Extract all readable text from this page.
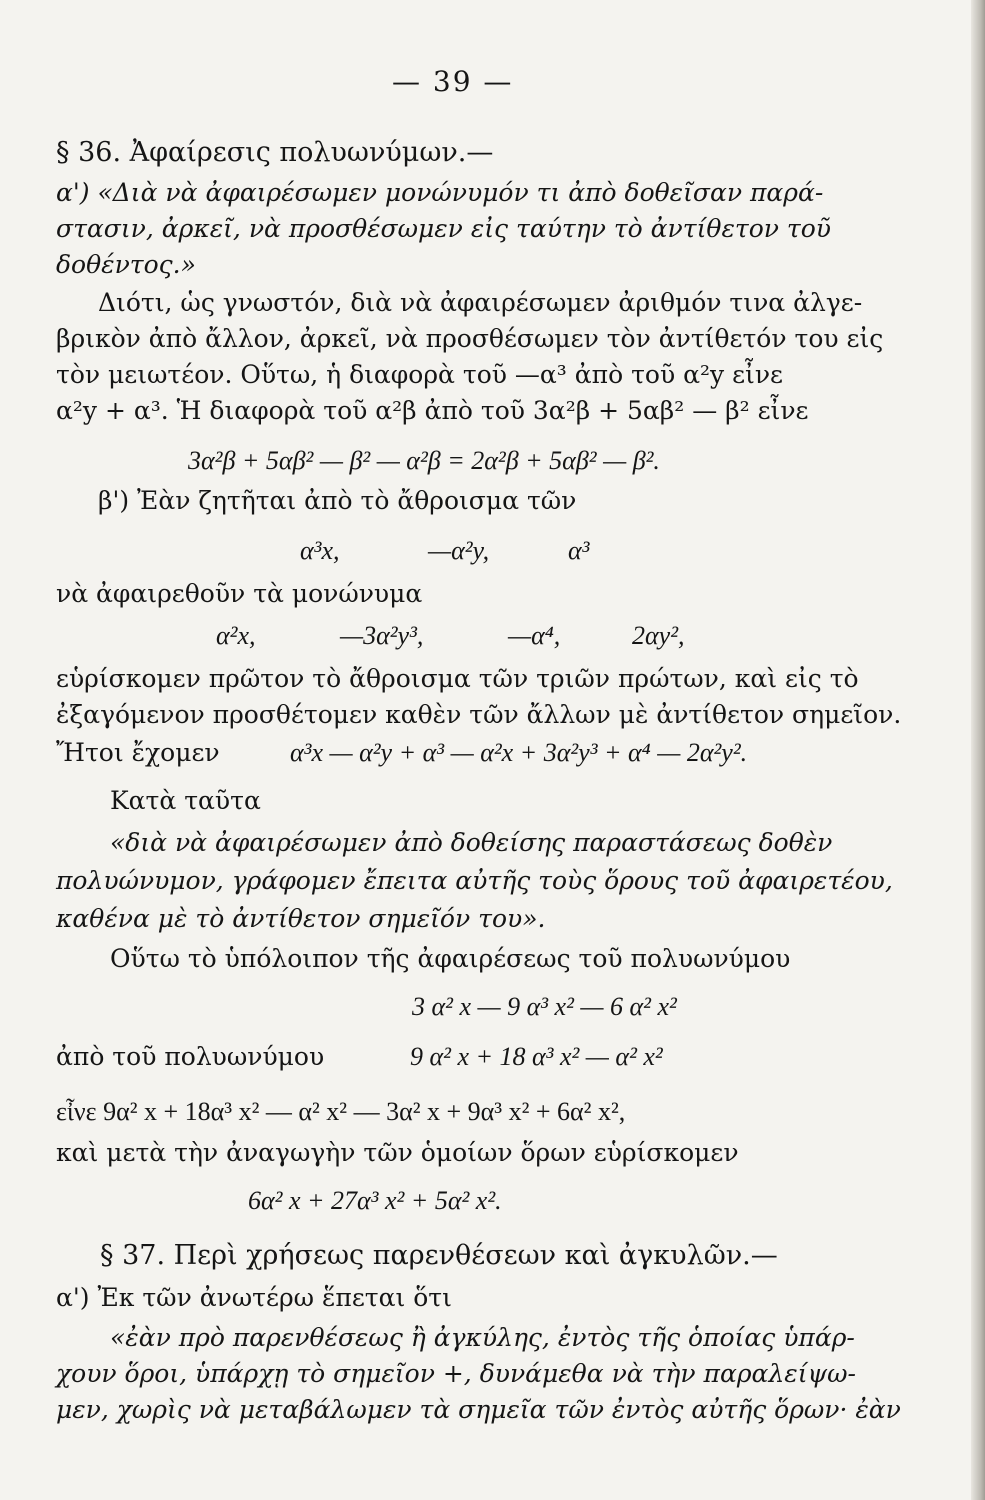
— 39 —
§ 36. Ἀφαίρεσις πολυωνύμων.—
α') «Διὰ νὰ ἀφαιρέσωμεν μονώνυμόν τι ἀπὸ δοθεῖσαν παρά-
στασιν, ἀρκεῖ, νὰ προσθέσωμεν εἰς ταύτην τὸ ἀντίθετον τοῦ
δοθέντος.»
Διότι, ὡς γνωστόν, διὰ νὰ ἀφαιρέσωμεν ἀριθμόν τινα ἀλγε-
βρικὸν ἀπὸ ἄλλον, ἀρκεῖ, νὰ προσθέσωμεν τὸν ἀντίθετόν του εἰς
τὸν μειωτέον. Οὕτω, ἡ διαφορὰ τοῦ —α³ ἀπὸ τοῦ α²y εἶνε
α²y + α³. Ἡ διαφορὰ τοῦ α²β ἀπὸ τοῦ 3α²β + 5αβ² — β² εἶνε
3α²β + 5αβ² — β² — α²β = 2α²β + 5αβ² — β².
β') Ἐὰν ζητῆται ἀπὸ τὸ ἄθροισμα τῶν
α³x,	—α²y,	α³
νὰ ἀφαιρεθοῦν τὰ μονώνυμα
α²x,	—3α²y³,	—α⁴,	2αy²,
εὑρίσκομεν πρῶτον τὸ ἄθροισμα τῶν τριῶν πρώτων, καὶ εἰς τὸ
ἐξαγόμενον προσθέτομεν καθὲν τῶν ἄλλων μὲ ἀντίθετον σημεῖον.
Ἤτοι ἔχομεν	α³x — α²y + α³ — α²x + 3α²y³ + α⁴ — 2α²y².
Κατὰ ταῦτα
«διὰ νὰ ἀφαιρέσωμεν ἀπὸ δοθείσης παραστάσεως δοθὲν
πολυώνυμον, γράφομεν ἔπειτα αὐτῆς τοὺς ὅρους τοῦ ἀφαιρετέου,
καθένα μὲ τὸ ἀντίθετον σημεῖόν του».
Οὕτω τὸ ὑπόλοιπον τῆς ἀφαιρέσεως τοῦ πολυωνύμου
3 α² x — 9 α³ x² — 6 α² x²
ἀπὸ τοῦ πολυωνύμου	9 α² x + 18 α³ x² — α² x²
εἶνε 9α² x + 18α³ x² — α² x² — 3α² x + 9α³ x² + 6α² x²,
καὶ μετὰ τὴν ἀναγωγὴν τῶν ὁμοίων ὅρων εὑρίσκομεν
6α² x + 27α³ x² + 5α² x².
§ 37. Περὶ χρήσεως παρενθέσεων καὶ ἀγκυλῶν.—
α') Ἐκ τῶν ἀνωτέρω ἕπεται ὅτι
«ἐὰν πρὸ παρενθέσεως ἢ ἀγκύλης, ἐντὸς τῆς ὁποίας ὑπάρ-
χουν ὅροι, ὑπάρχῃ τὸ σημεῖον +, δυνάμεθα νὰ τὴν παραλείψω-
μεν, χωρὶς νὰ μεταβάλωμεν τὰ σημεῖα τῶν ἐντὸς αὐτῆς ὅρων· ἐὰν
